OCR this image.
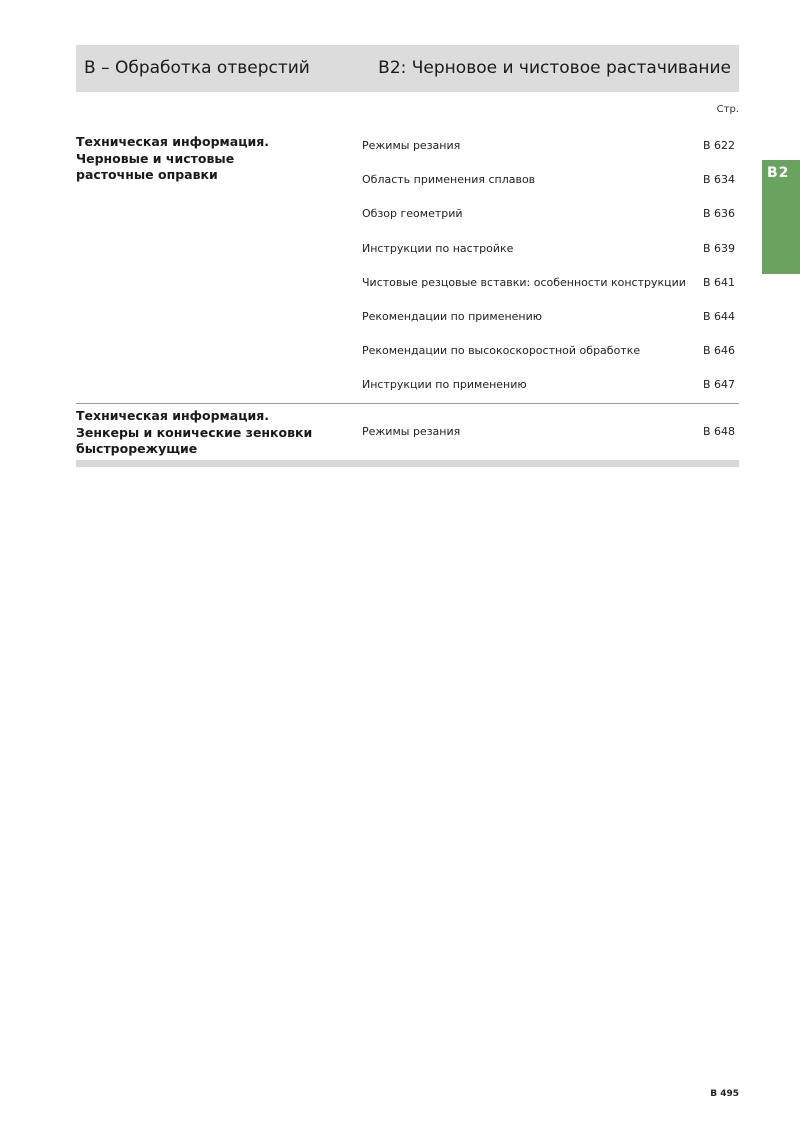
B – Обработка отверстий	B2: Черновое и чистовое растачивание
Стр.
B2
Техническая информация. Черновые и чистовые расточные оправки
Режимы резания	B 622
Область применения сплавов	B 634
Обзор геометрий	B 636
Инструкции по настройке	B 639
Чистовые резцовые вставки: особенности конструкции B 641
Рекомендации по применению	B 644
Рекомендации по высокоскоростной обработке	B 646
Инструкции по применению	B 647
Техническая информация. Зенкеры и конические зенковки быстрорежущие
Режимы резания	B 648
B 495
